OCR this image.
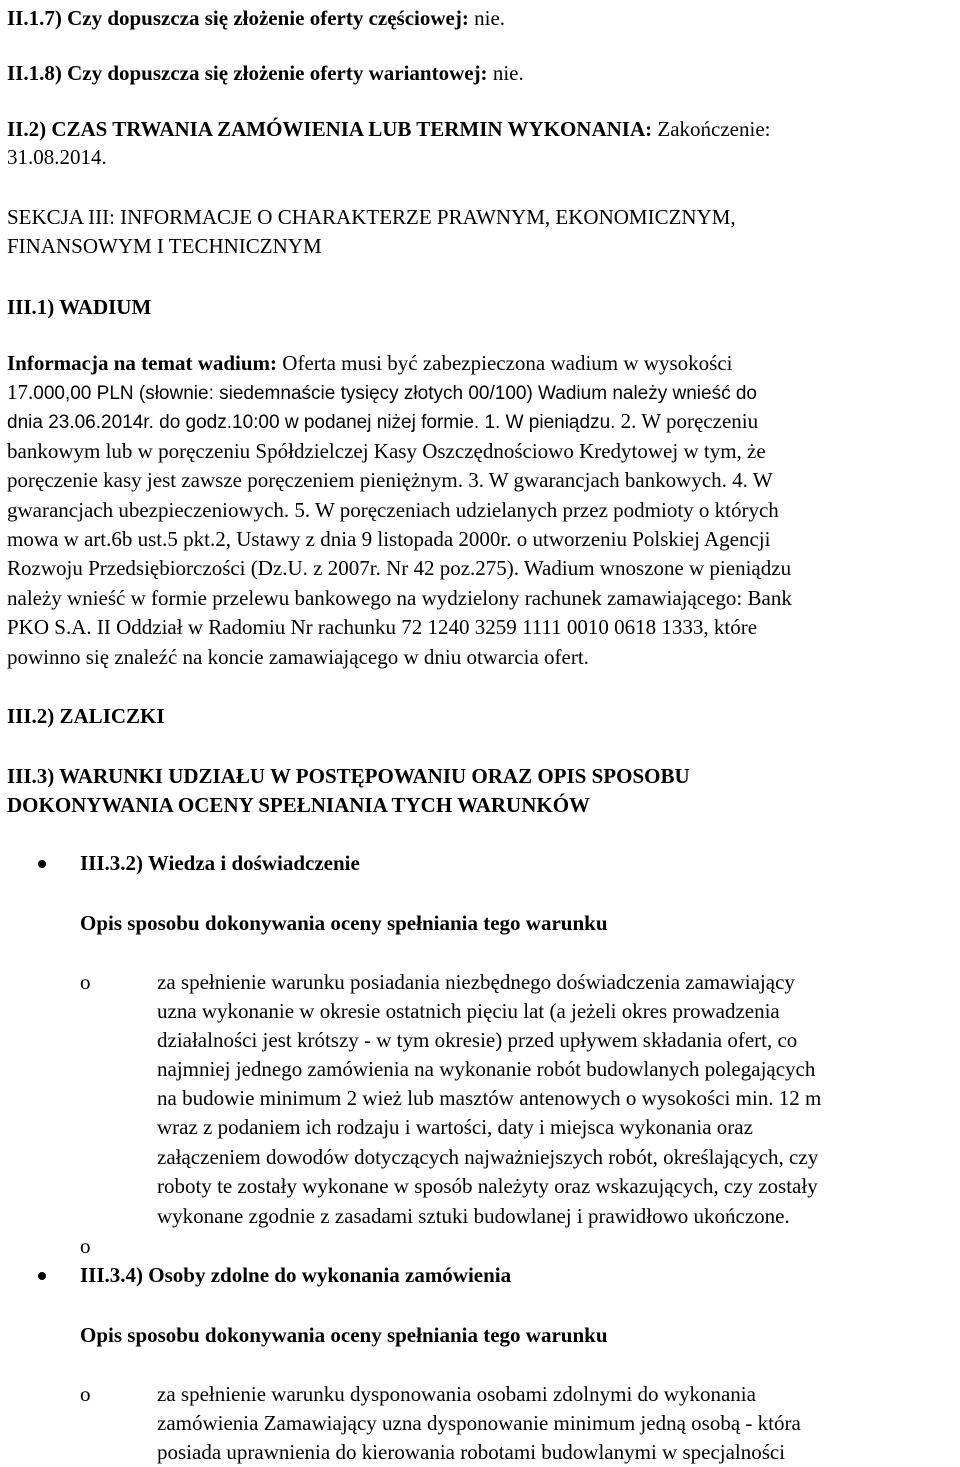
II.1.7) Czy dopuszcza się złożenie oferty częściowej: nie.

II.1.8) Czy dopuszcza się złożenie oferty wariantowej: nie.

II.2) CZAS TRWANIA ZAMÓWIENIA LUB TERMIN WYKONANIA: Zakończenie:

31.08.2014.

SEKCJA III: INFORMACJE O CHARAKTERZE PRAWNYM, EKONOMICZNYM,

FINANSOWYM I TECHNICZNYM

III.1) WADIUM

Informacja na temat wadium: Oferta musi być zabezpieczona wadium w wysokości

17.000,00 PLN (słownie: siedemnaście tysięcy złotych 00/100) Wadium należy wnieść do

dnia 23.06.2014r. do godz.10:00 w podanej niżej formie. 1. W pieniądzu. 2. W poręczeniu

bankowym lub w poręczeniu Spółdzielczej Kasy Oszczędnościowo Kredytowej w tym, że

poręczenie kasy jest zawsze poręczeniem pieniężnym. 3. W gwarancjach bankowych. 4. W

gwarancjach ubezpieczeniowych. 5. W poręczeniach udzielanych przez podmioty o których

mowa w art.6b ust.5 pkt.2, Ustawy z dnia 9 listopada 2000r. o utworzeniu Polskiej Agencji

Rozwoju Przedsiębiorczości (Dz.U. z 2007r. Nr 42 poz.275). Wadium wnoszone w pieniądzu

należy wnieść w formie przelewu bankowego na wydzielony rachunek zamawiającego: Bank

PKO S.A. II Oddział w Radomiu Nr rachunku 72 1240 3259 1111 0010 0618 1333, które

powinno się znaleźć na koncie zamawiającego w dniu otwarcia ofert.

III.2) ZALICZKI

III.3) WARUNKI UDZIAŁU W POSTĘPOWANIU ORAZ OPIS SPOSOBU

DOKONYWANIA OCENY SPEŁNIANIA TYCH WARUNKÓW

III.3.2) Wiedza i doświadczenie

Opis sposobu dokonywania oceny spełniania tego warunku

o	za spełnienie warunku posiadania niezbędnego doświadczenia zamawiający

uzna wykonanie w okresie ostatnich pięciu lat (a jeżeli okres prowadzenia

działalności jest krótszy - w tym okresie) przed upływem składania ofert, co

najmniej jednego zamówienia na wykonanie robót budowlanych polegających

na budowie minimum 2 wież lub masztów antenowych o wysokości min. 12 m

wraz z podaniem ich rodzaju i wartości, daty i miejsca wykonania oraz

załączeniem dowodów dotyczących najważniejszych robót, określających, czy

roboty te zostały wykonane w sposób należyty oraz wskazujących, czy zostały

wykonane zgodnie z zasadami sztuki budowlanej i prawidłowo ukończone.

o

III.3.4) Osoby zdolne do wykonania zamówienia

Opis sposobu dokonywania oceny spełniania tego warunku

o	za spełnienie warunku dysponowania osobami zdolnymi do wykonania

zamówienia Zamawiający uzna dysponowanie minimum jedną osobą - która

posiada uprawnienia do kierowania robotami budowlanymi w specjalności
